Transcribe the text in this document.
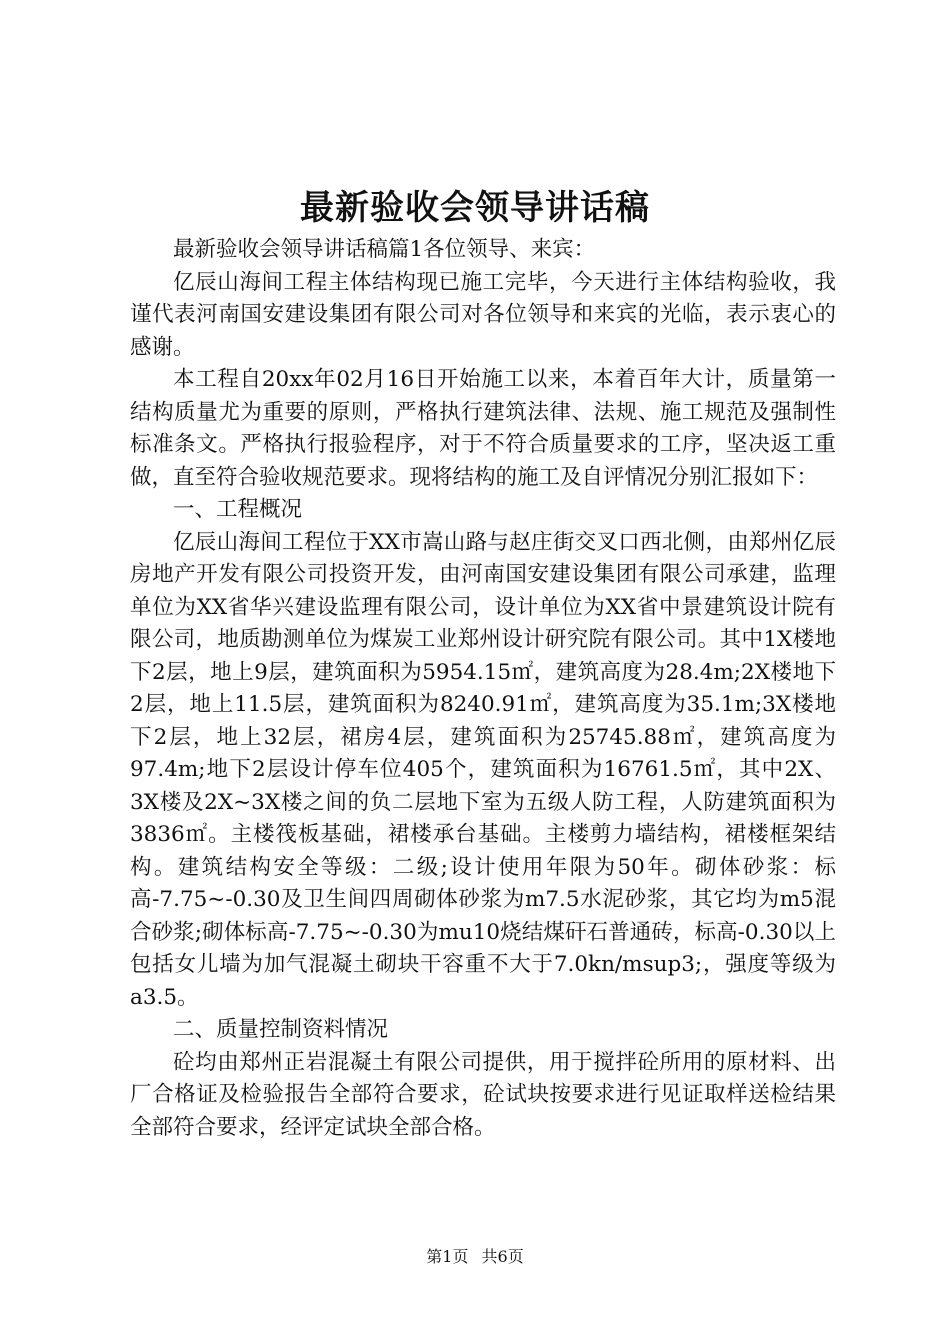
最新验收会领导讲话稿

最新验收会领导讲话稿篇1各位领导、来宾：

亿辰山海间工程主体结构现已施工完毕，今天进行主体结构验收，我谨代表河南国安建设集团有限公司对各位领导和来宾的光临，表示衷心的感谢。

本工程自20xx年02月16日开始施工以来，本着百年大计，质量第一结构质量尤为重要的原则，严格执行建筑法律、法规、施工规范及强制性标准条文。严格执行报验程序，对于不符合质量要求的工序，坚决返工重做，直至符合验收规范要求。现将结构的施工及自评情况分别汇报如下：

一、工程概况

亿辰山海间工程位于XX市嵩山路与赵庄街交叉口西北侧，由郑州亿辰房地产开发有限公司投资开发，由河南国安建设集团有限公司承建，监理单位为XX省华兴建设监理有限公司，设计单位为XX省中景建筑设计院有限公司，地质勘测单位为煤炭工业郑州设计研究院有限公司。其中1X楼地下2层，地上9层，建筑面积为5954.15㎡，建筑高度为28.4m;2X楼地下2层，地上11.5层，建筑面积为8240.91㎡，建筑高度为35.1m;3X楼地下2层，地上32层，裙房4层，建筑面积为25745.88㎡，建筑高度为97.4m;地下2层设计停车位405个，建筑面积为16761.5㎡，其中2X、3X楼及2X~3X楼之间的负二层地下室为五级人防工程，人防建筑面积为3836㎡。主楼筏板基础，裙楼承台基础。主楼剪力墙结构，裙楼框架结构。建筑结构安全等级：二级;设计使用年限为50年。砌体砂浆：标高-7.75~-0.30及卫生间四周砌体砂浆为m7.5水泥砂浆，其它均为m5混合砂浆;砌体标高-7.75~-0.30为mu10烧结煤矸石普通砖，标高-0.30以上包括女儿墙为加气混凝土砌块干容重不大于7.0kn/msup3;，强度等级为a3.5。

二、质量控制资料情况

砼均由郑州正岩混凝土有限公司提供，用于搅拌砼所用的原材料、出厂合格证及检验报告全部符合要求，砼试块按要求进行见证取样送检结果全部符合要求，经评定试块全部合格。

第1页 共6页
